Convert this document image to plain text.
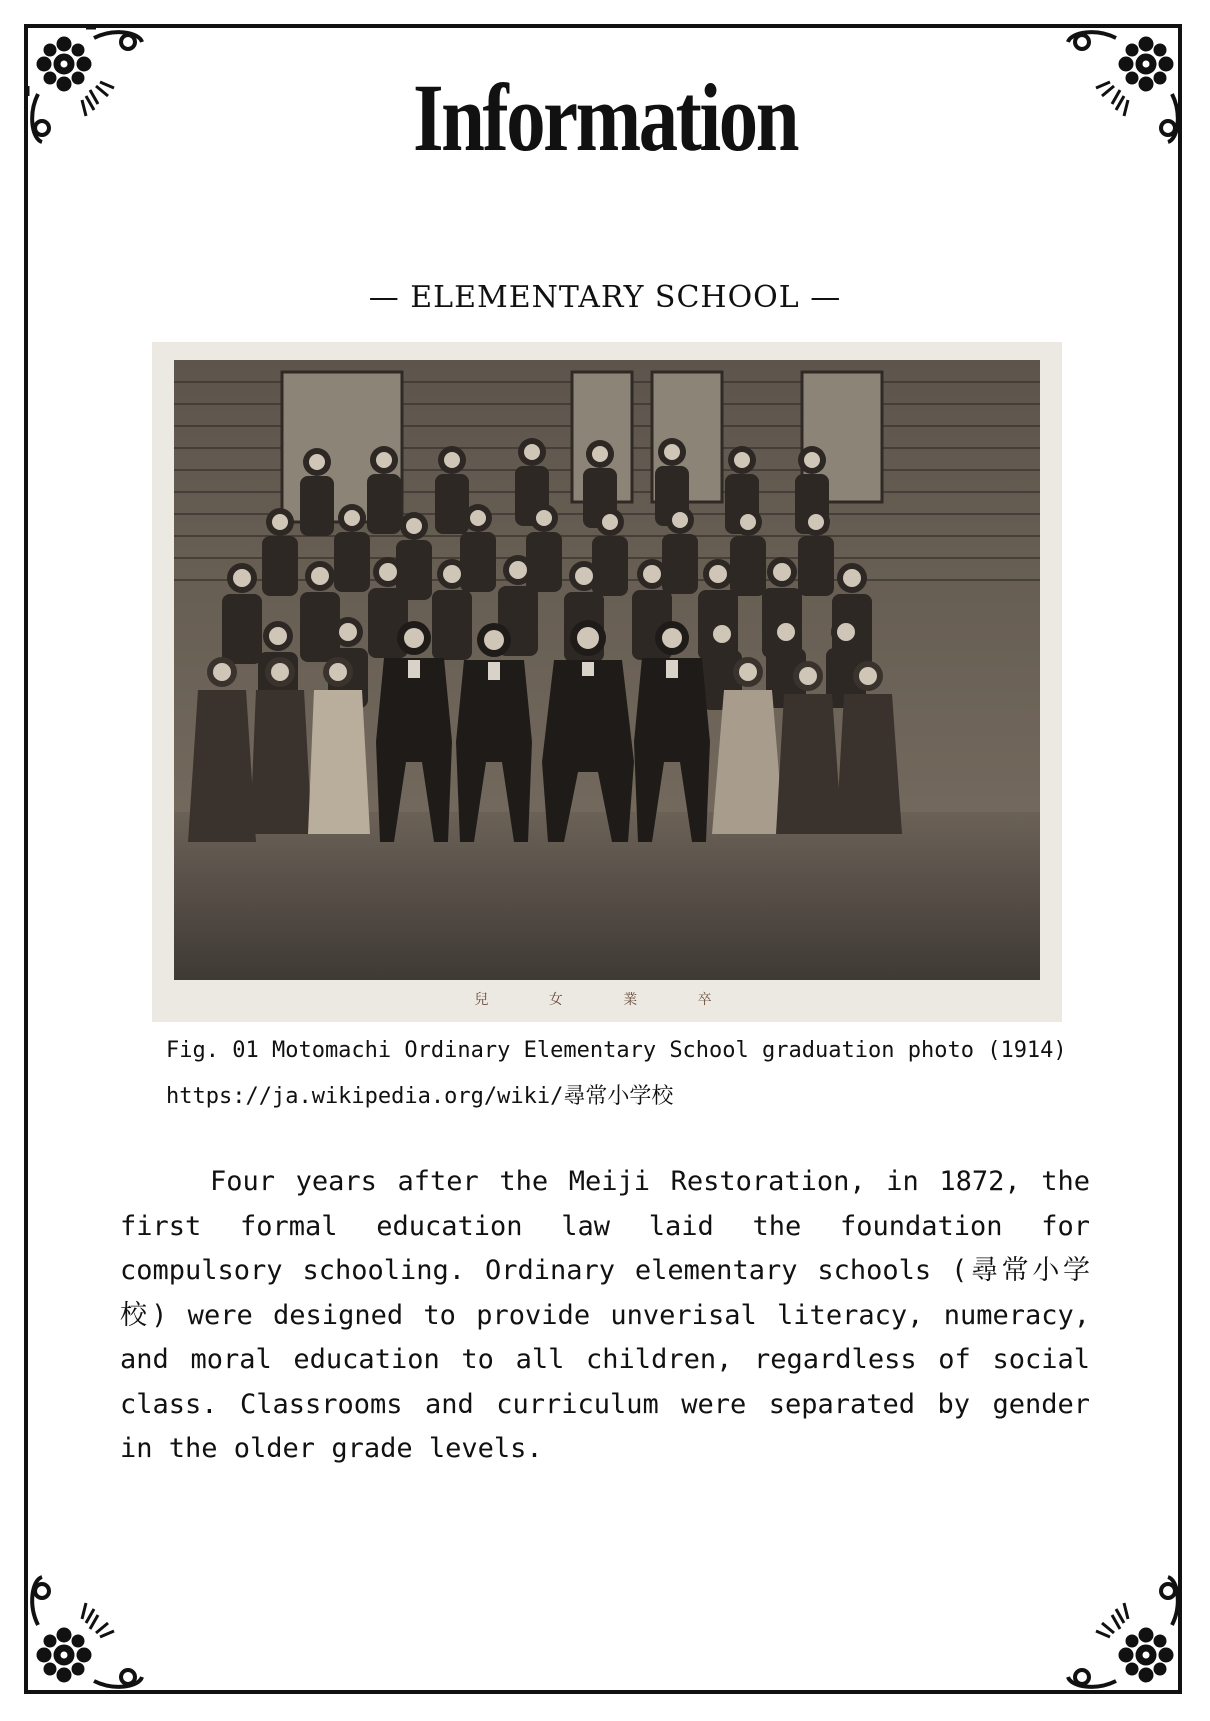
Information
— ELEMENTARY SCHOOL —
兒 女 業 卒
Fig. 01 Motomachi Ordinary Elementary School graduation photo (1914)
https://ja.wikipedia.org/wiki/尋常小学校
Four years after the Meiji Restoration, in 1872, the first formal education law laid the foundation for compulsory schooling. Ordinary elementary schools (尋常小学校) were designed to provide unverisal literacy, numeracy, and moral education to all children, regardless of social class. Classrooms and curriculum were separated by gender in the older grade levels.
